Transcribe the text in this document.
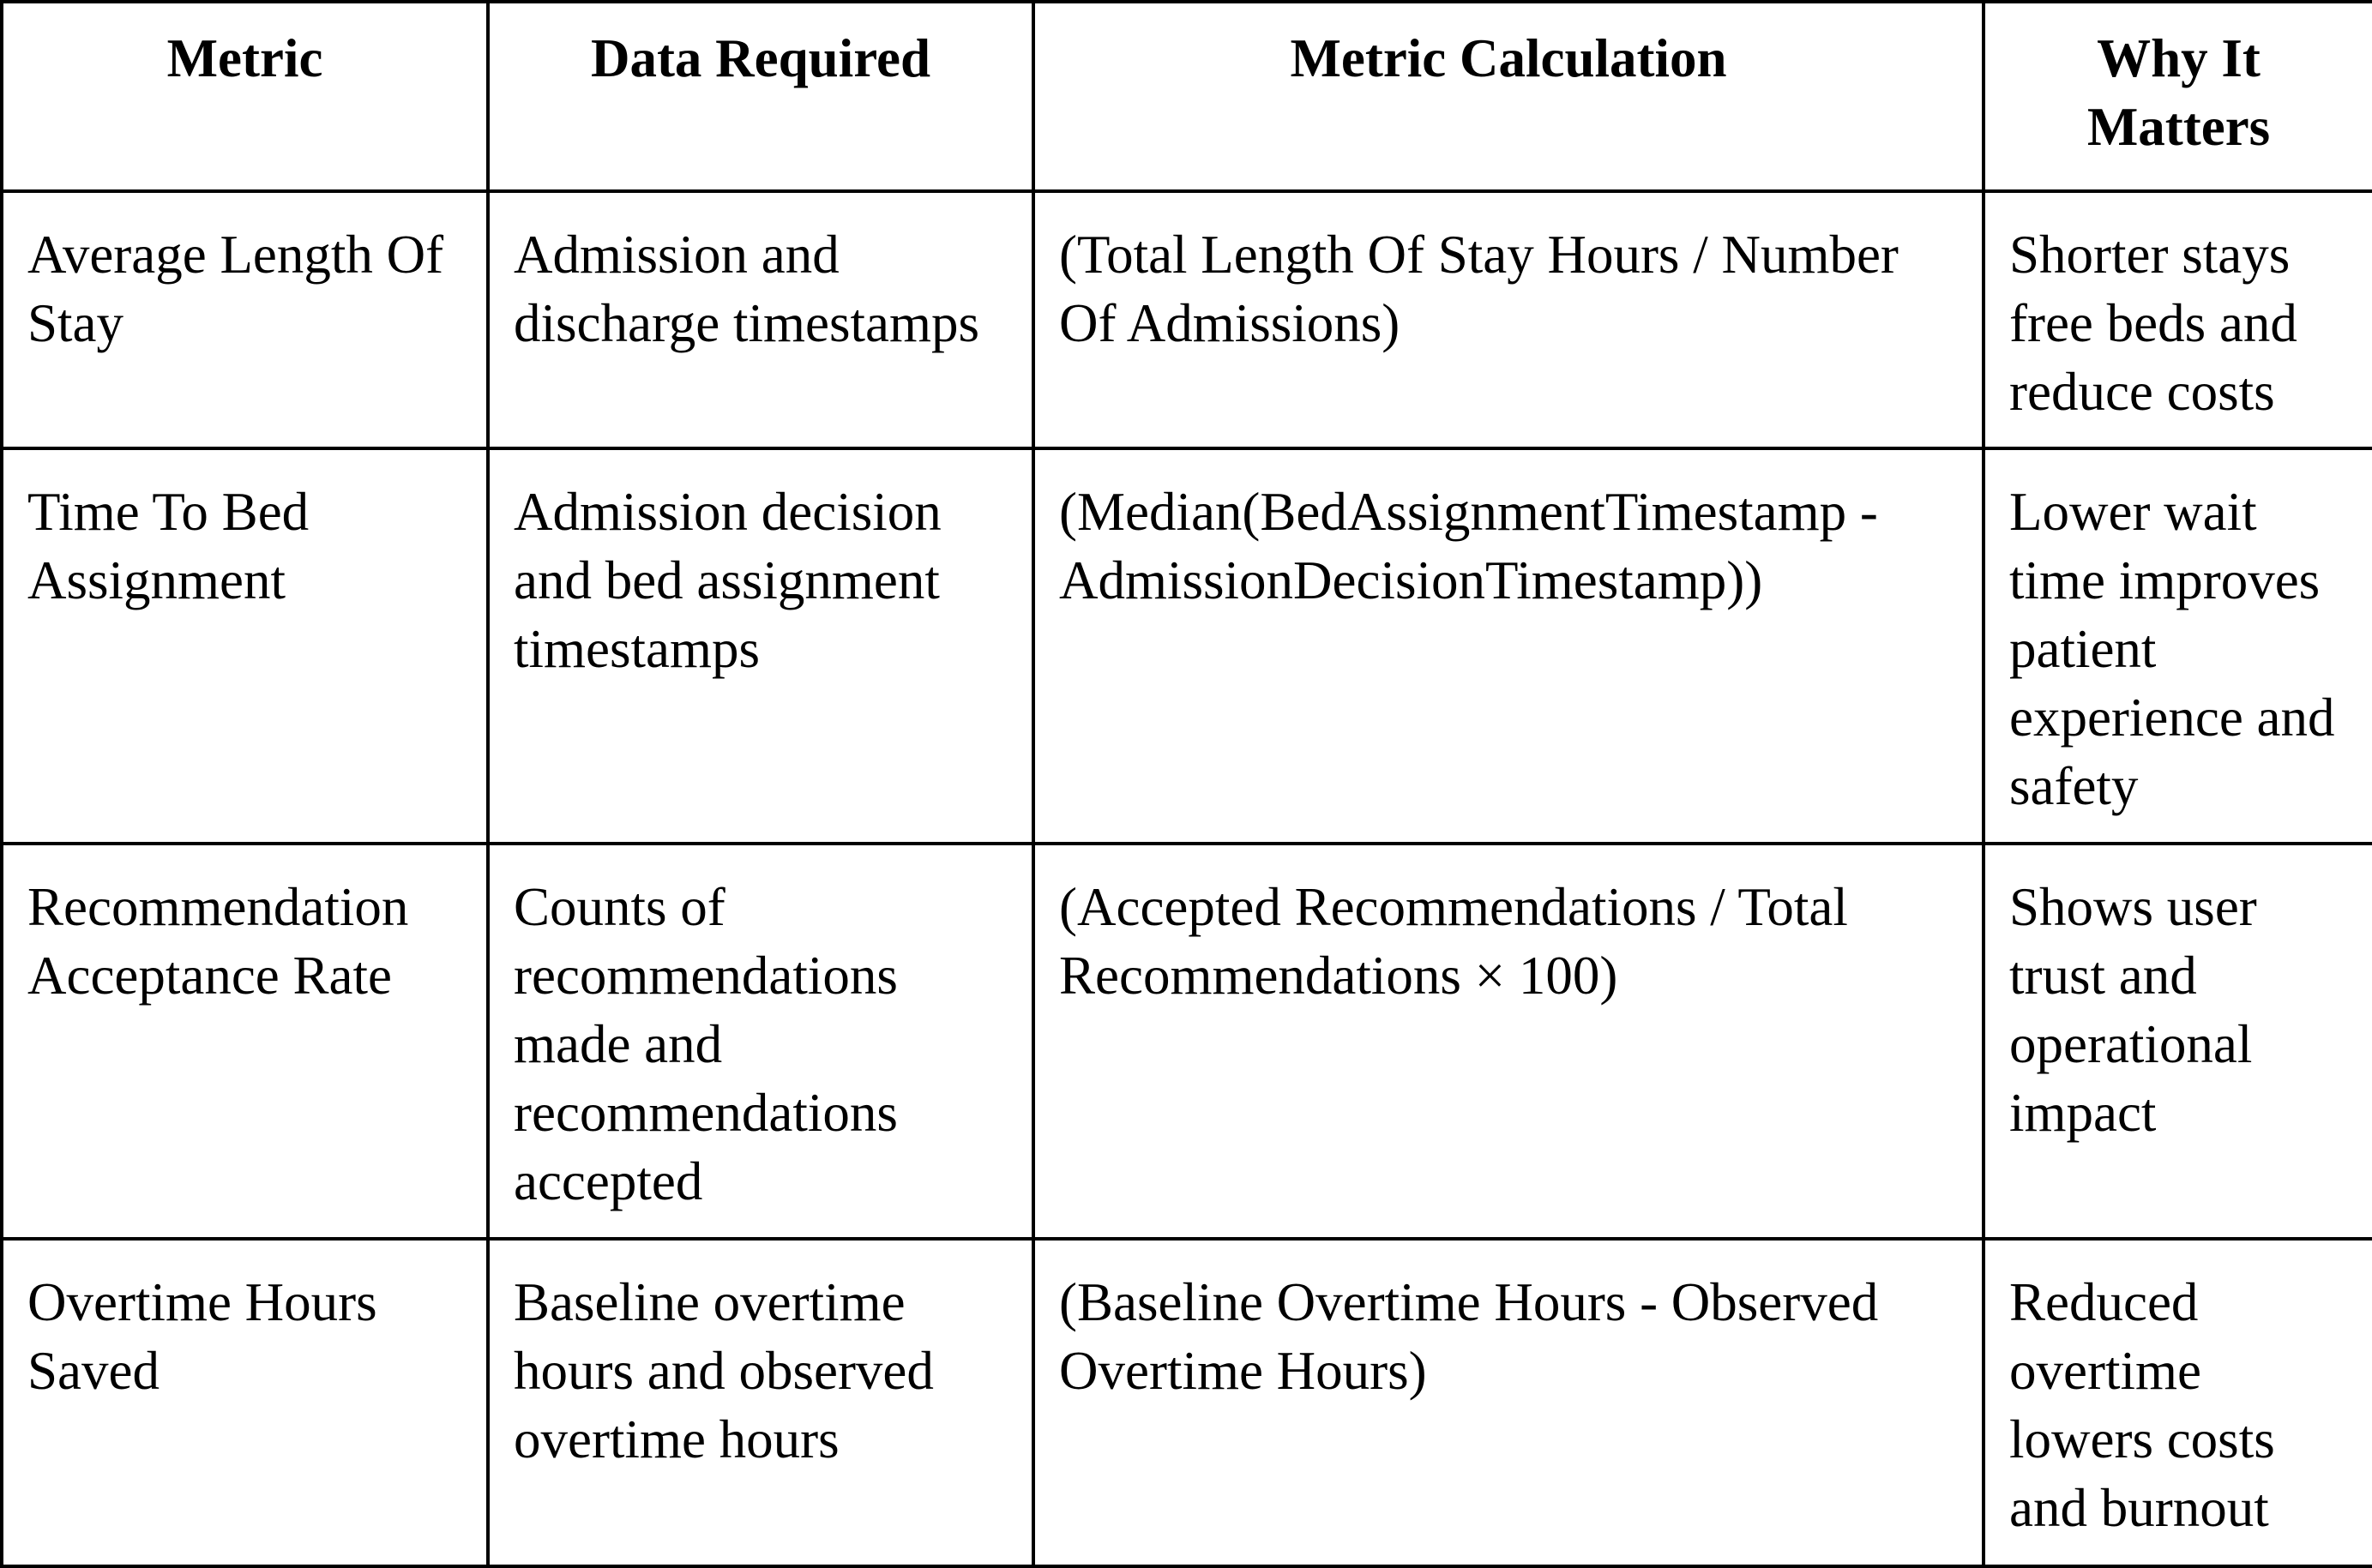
Metric	Data Required	Metric Calculation	Why It Matters

Average Length Of Stay	Admission and discharge timestamps	(Total Length Of Stay Hours / Number Of Admissions)	Shorter stays free beds and reduce costs
Time To Bed Assignment	Admission decision and bed assignment timestamps	(Median(BedAssignmentTimestamp - AdmissionDecisionTimestamp))	Lower wait time improves patient experience and safety
Recommendation Acceptance Rate	Counts of recommendations made and recommendations accepted	(Accepted Recommendations / Total Recommendations × 100)	Shows user trust and operational impact
Overtime Hours Saved	Baseline overtime hours and observed overtime hours	(Baseline Overtime Hours - Observed Overtime Hours)	Reduced overtime lowers costs and burnout
